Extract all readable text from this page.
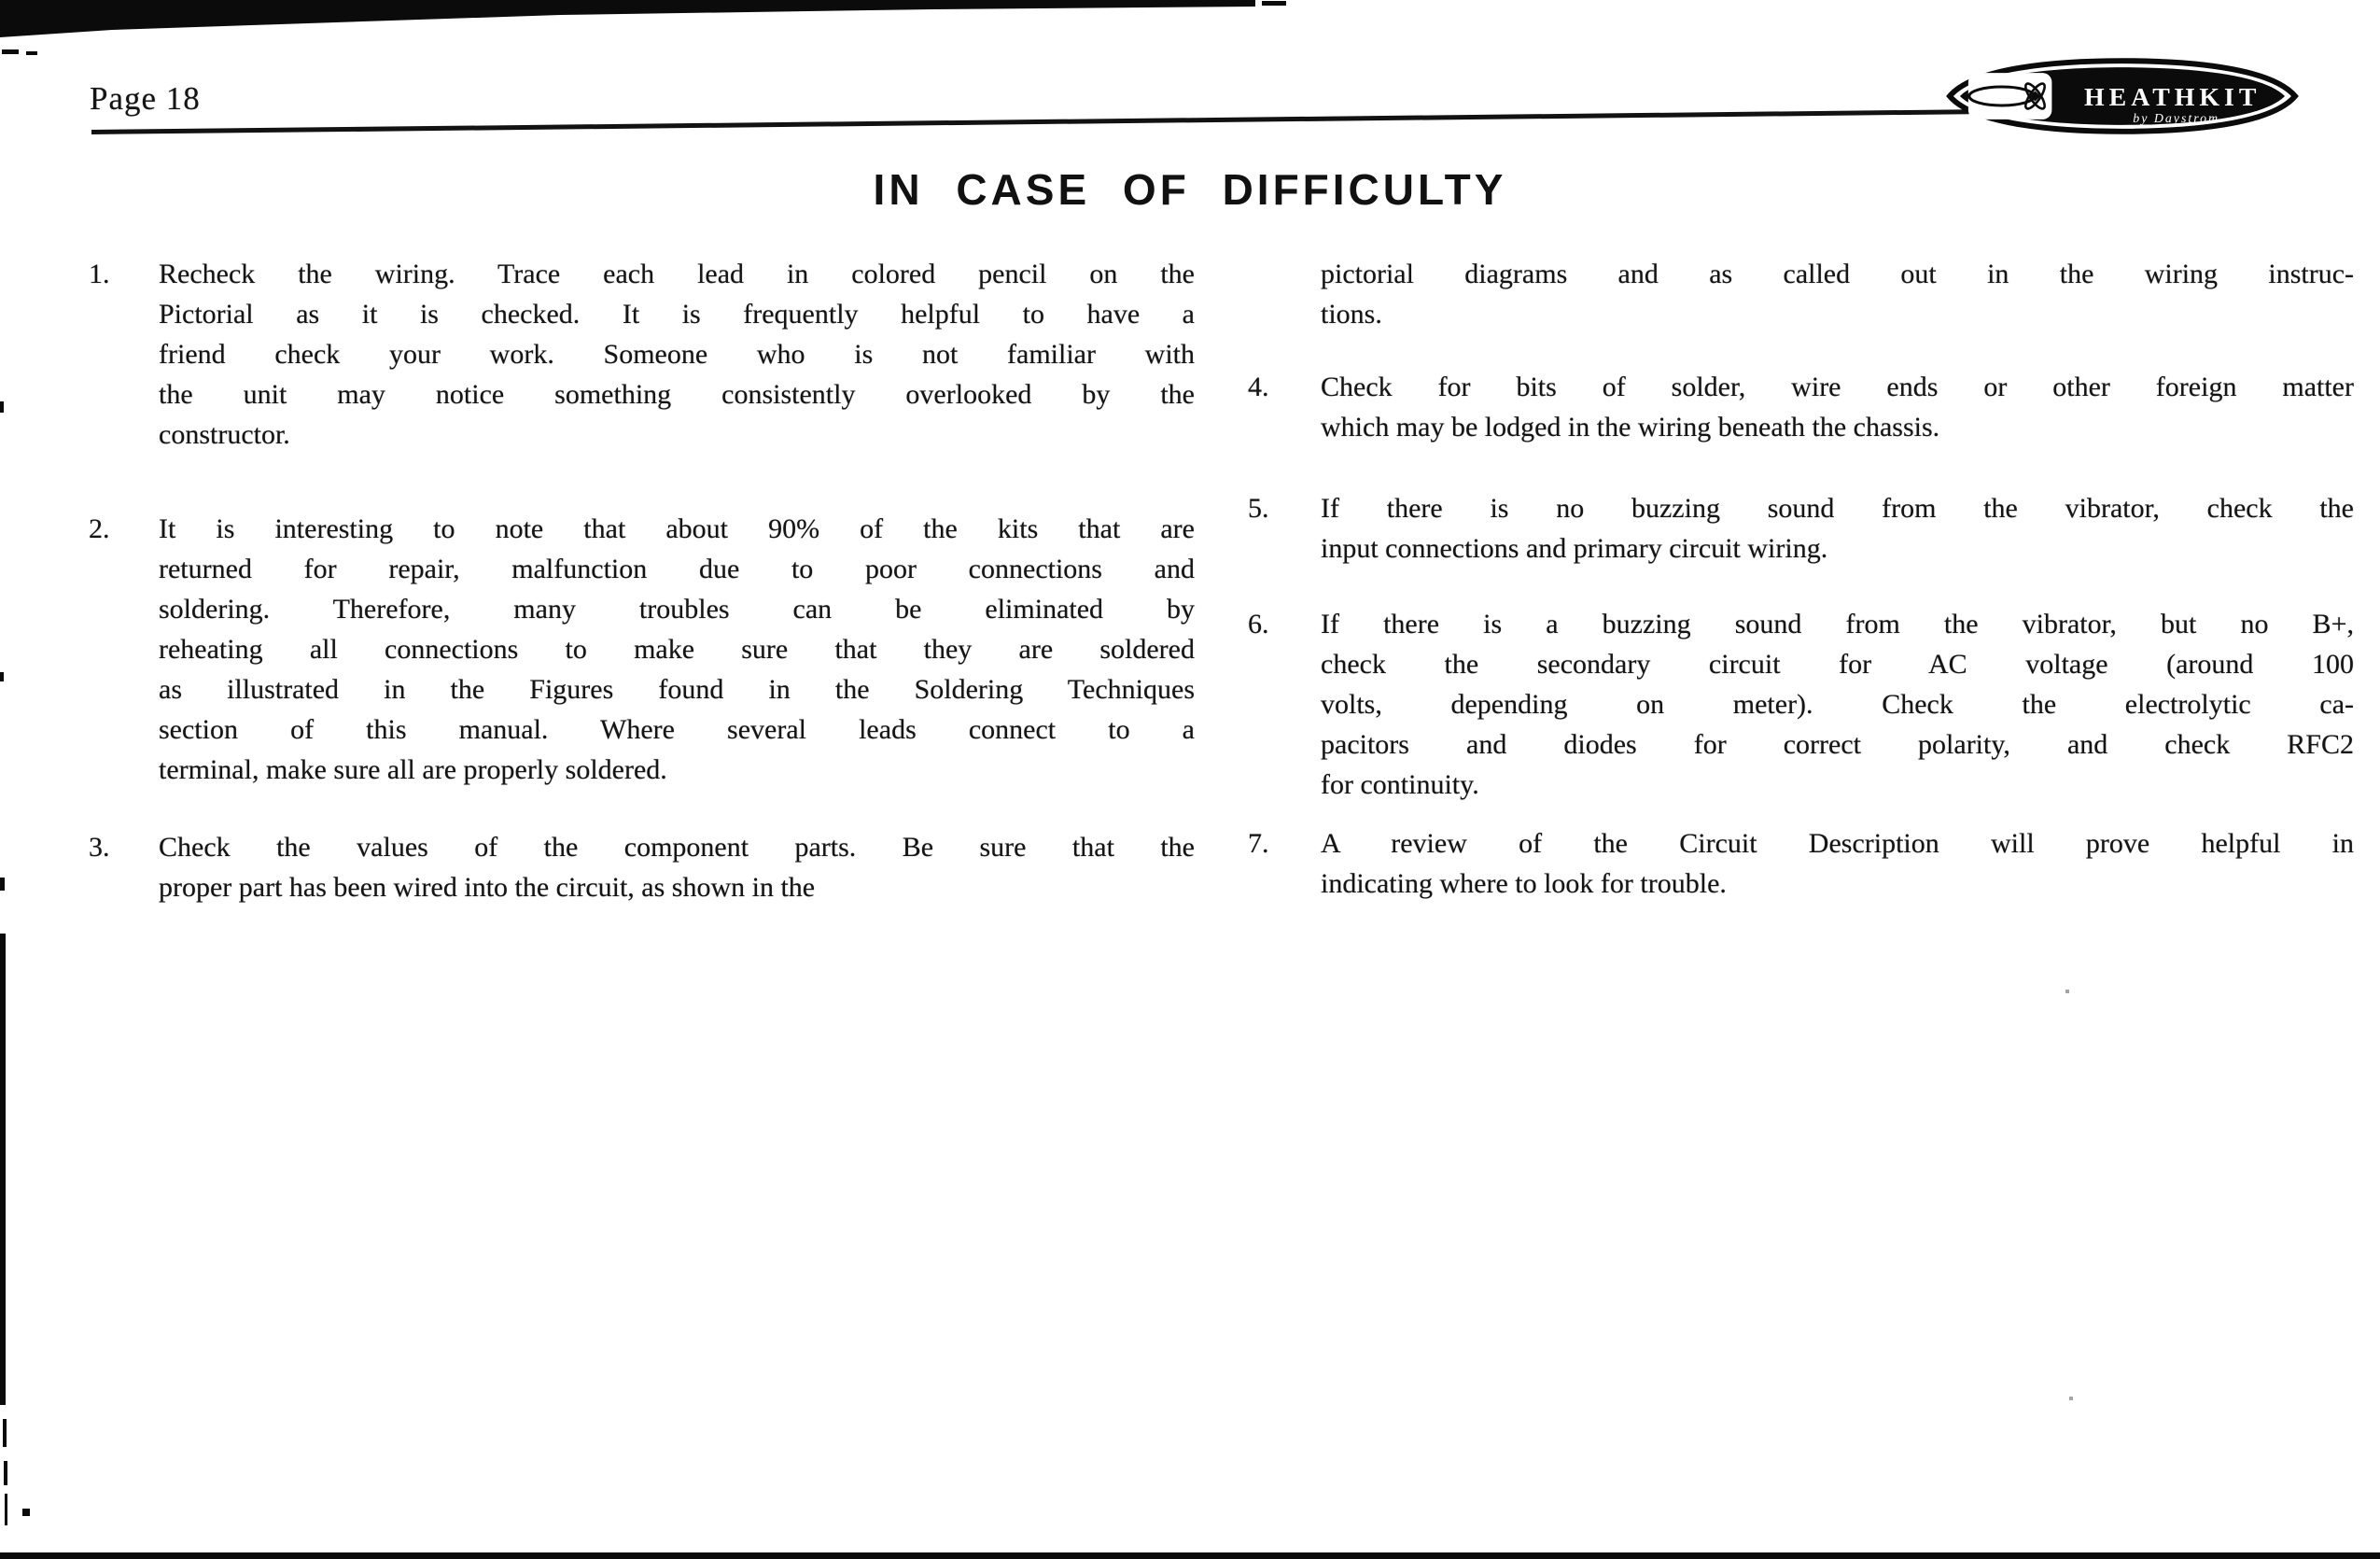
Page 18	HEATHKIT
by Daystrom
IN CASE OF DIFFICULTY
1.	Recheck the wiring. Trace each lead in colored pencil on the
Pictorial as it is checked. It is frequently helpful to have a
friend check your work. Someone who is not familiar with
the unit may notice something consistently overlooked by the
constructor.
2.	It is interesting to note that about 90% of the kits that are
returned for repair, malfunction due to poor connections and
soldering. Therefore, many troubles can be eliminated by
reheating all connections to make sure that they are soldered
as illustrated in the Figures found in the Soldering Techniques
section of this manual. Where several leads connect to a
terminal, make sure all are properly soldered.
3.	Check the values of the component parts. Be sure that the
proper part has been wired into the circuit, as shown in the
pictorial diagrams and as called out in the wiring instruc-
tions.
4.	Check for bits of solder, wire ends or other foreign matter
which may be lodged in the wiring beneath the chassis.
5.	If there is no buzzing sound from the vibrator, check the
input connections and primary circuit wiring.
6.	If there is a buzzing sound from the vibrator, but no B+,
check the secondary circuit for AC voltage (around 100
volts, depending on meter). Check the electrolytic ca-
pacitors and diodes for correct polarity, and check RFC2
for continuity.
7.	A review of the Circuit Description will prove helpful in
indicating where to look for trouble.
